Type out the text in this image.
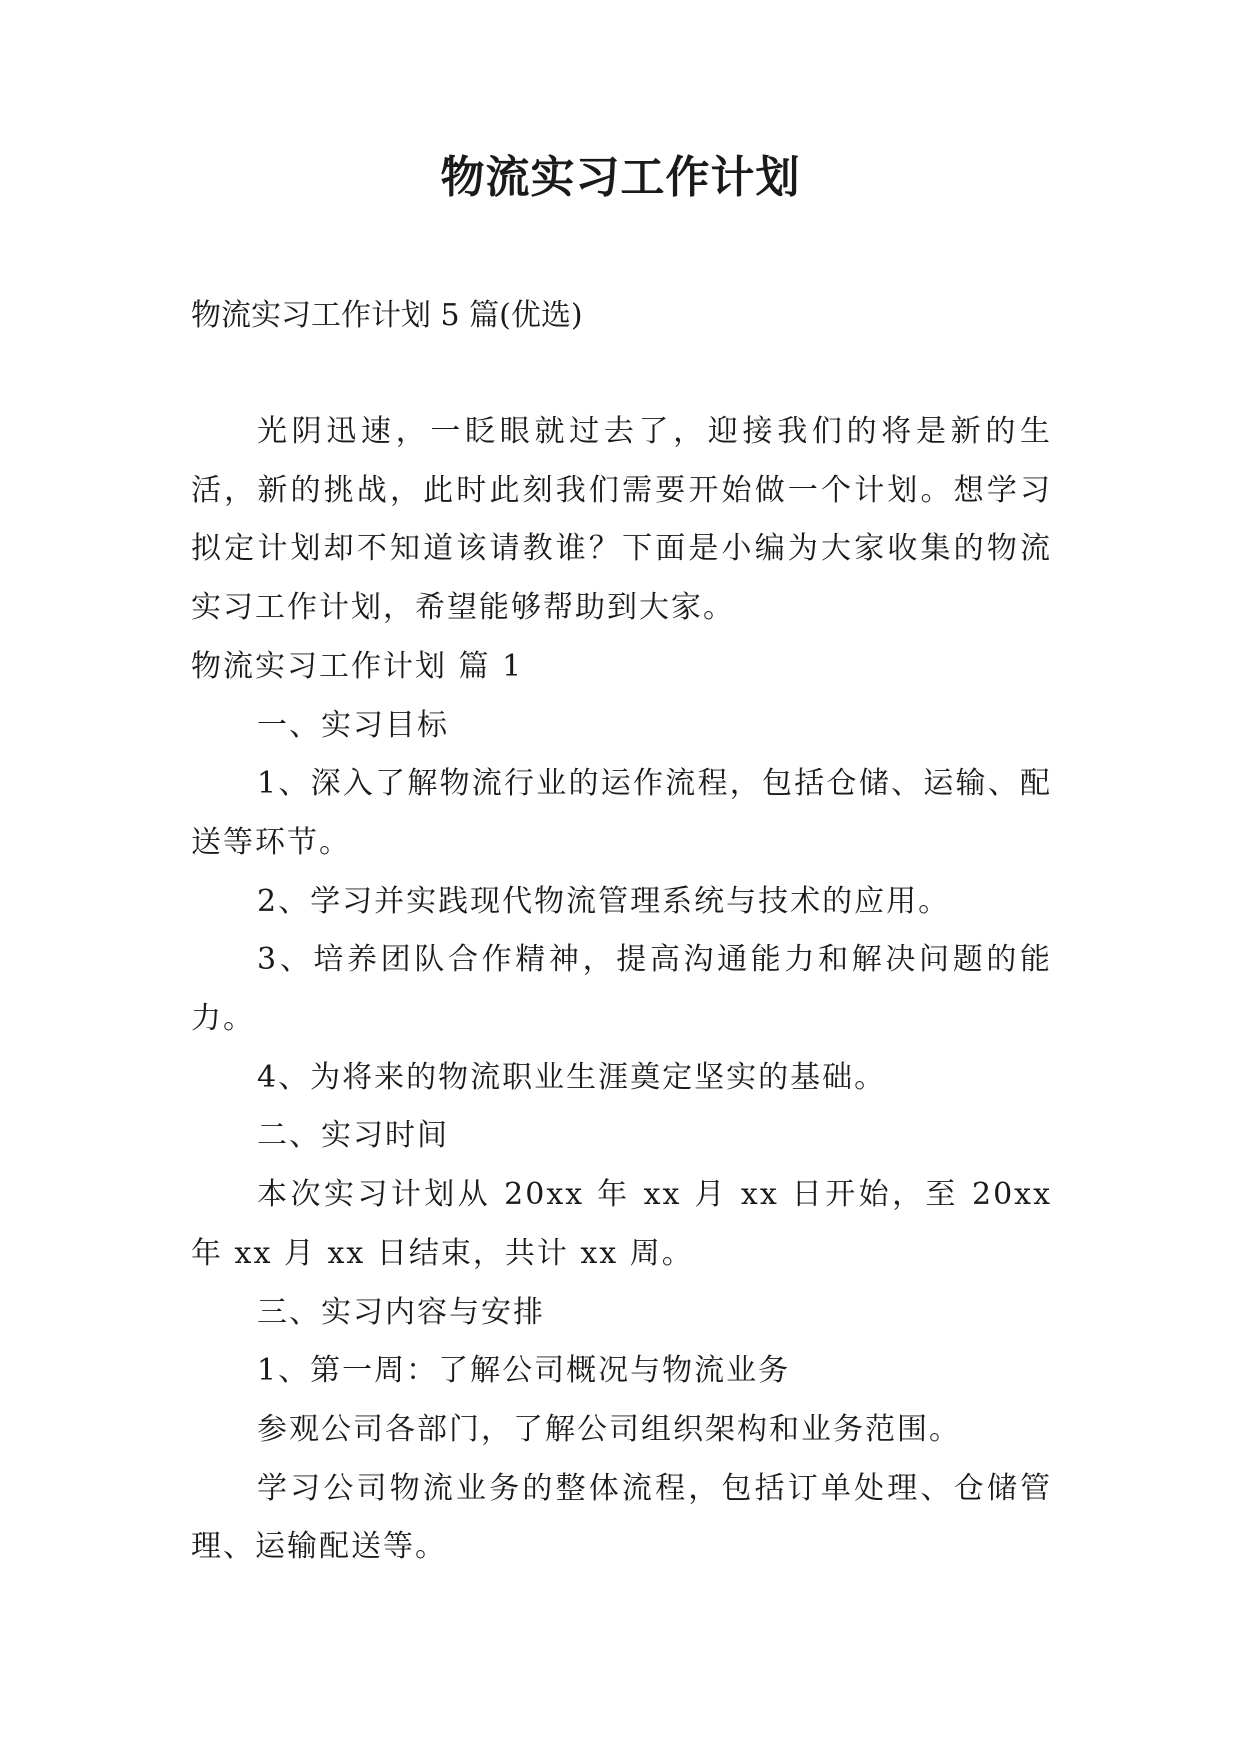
物流实习工作计划
物流实习工作计划 5 篇(优选)

光阴迅速，一眨眼就过去了，迎接我们的将是新的生活，新的挑战，此时此刻我们需要开始做一个计划。想学习拟定计划却不知道该请教谁？下面是小编为大家收集的物流实习工作计划，希望能够帮助到大家。

物流实习工作计划 篇 1

一、实习目标

1、深入了解物流行业的运作流程，包括仓储、运输、配送等环节。

2、学习并实践现代物流管理系统与技术的应用。

3、培养团队合作精神，提高沟通能力和解决问题的能力。

4、为将来的物流职业生涯奠定坚实的基础。

二、实习时间

本次实习计划从 20xx 年 xx 月 xx 日开始，至 20xx 年 xx 月 xx 日结束，共计 xx 周。

三、实习内容与安排

1、第一周：了解公司概况与物流业务

参观公司各部门，了解公司组织架构和业务范围。

学习公司物流业务的整体流程，包括订单处理、仓储管理、运输配送等。
